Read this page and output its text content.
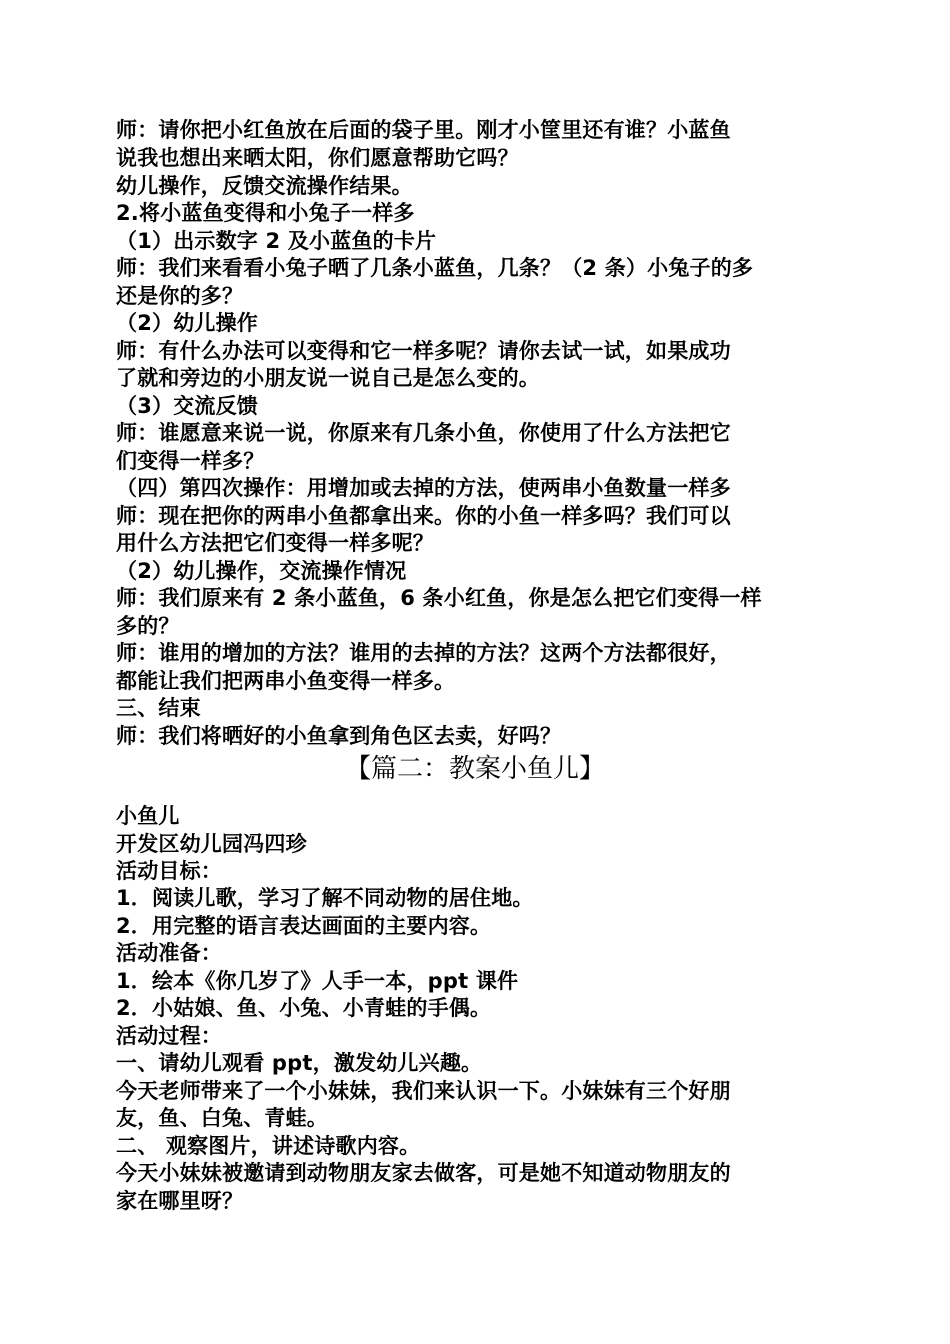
师：请你把小红鱼放在后面的袋子里。刚才小筐里还有谁？小蓝鱼
说我也想出来晒太阳，你们愿意帮助它吗？
幼儿操作，反馈交流操作结果。
2.将小蓝鱼变得和小兔子一样多
（1）出示数字 2 及小蓝鱼的卡片
师：我们来看看小兔子晒了几条小蓝鱼，几条？（2 条）小兔子的多
还是你的多？
（2）幼儿操作
师：有什么办法可以变得和它一样多呢？请你去试一试，如果成功
了就和旁边的小朋友说一说自己是怎么变的。
（3）交流反馈
师：谁愿意来说一说，你原来有几条小鱼，你使用了什么方法把它
们变得一样多？
（四）第四次操作：用增加或去掉的方法，使两串小鱼数量一样多
师：现在把你的两串小鱼都拿出来。你的小鱼一样多吗？我们可以
用什么方法把它们变得一样多呢？
（2）幼儿操作，交流操作情况
师：我们原来有 2 条小蓝鱼，6 条小红鱼，你是怎么把它们变得一样
多的？
师：谁用的增加的方法？谁用的去掉的方法？这两个方法都很好，
都能让我们把两串小鱼变得一样多。
三、结束
师：我们将晒好的小鱼拿到角色区去卖，好吗？
【篇二：教案小鱼儿】
小鱼儿
开发区幼儿园冯四珍
活动目标：
1．阅读儿歌，学习了解不同动物的居住地。
2．用完整的语言表达画面的主要内容。
活动准备：
1．绘本《你几岁了》人手一本，ppt 课件
2．小姑娘、鱼、小兔、小青蛙的手偶。
活动过程：
一、请幼儿观看 ppt，激发幼儿兴趣。
今天老师带来了一个小妹妹，我们来认识一下。小妹妹有三个好朋
友，鱼、白兔、青蛙。
二、 观察图片，讲述诗歌内容。
今天小妹妹被邀请到动物朋友家去做客，可是她不知道动物朋友的
家在哪里呀？
